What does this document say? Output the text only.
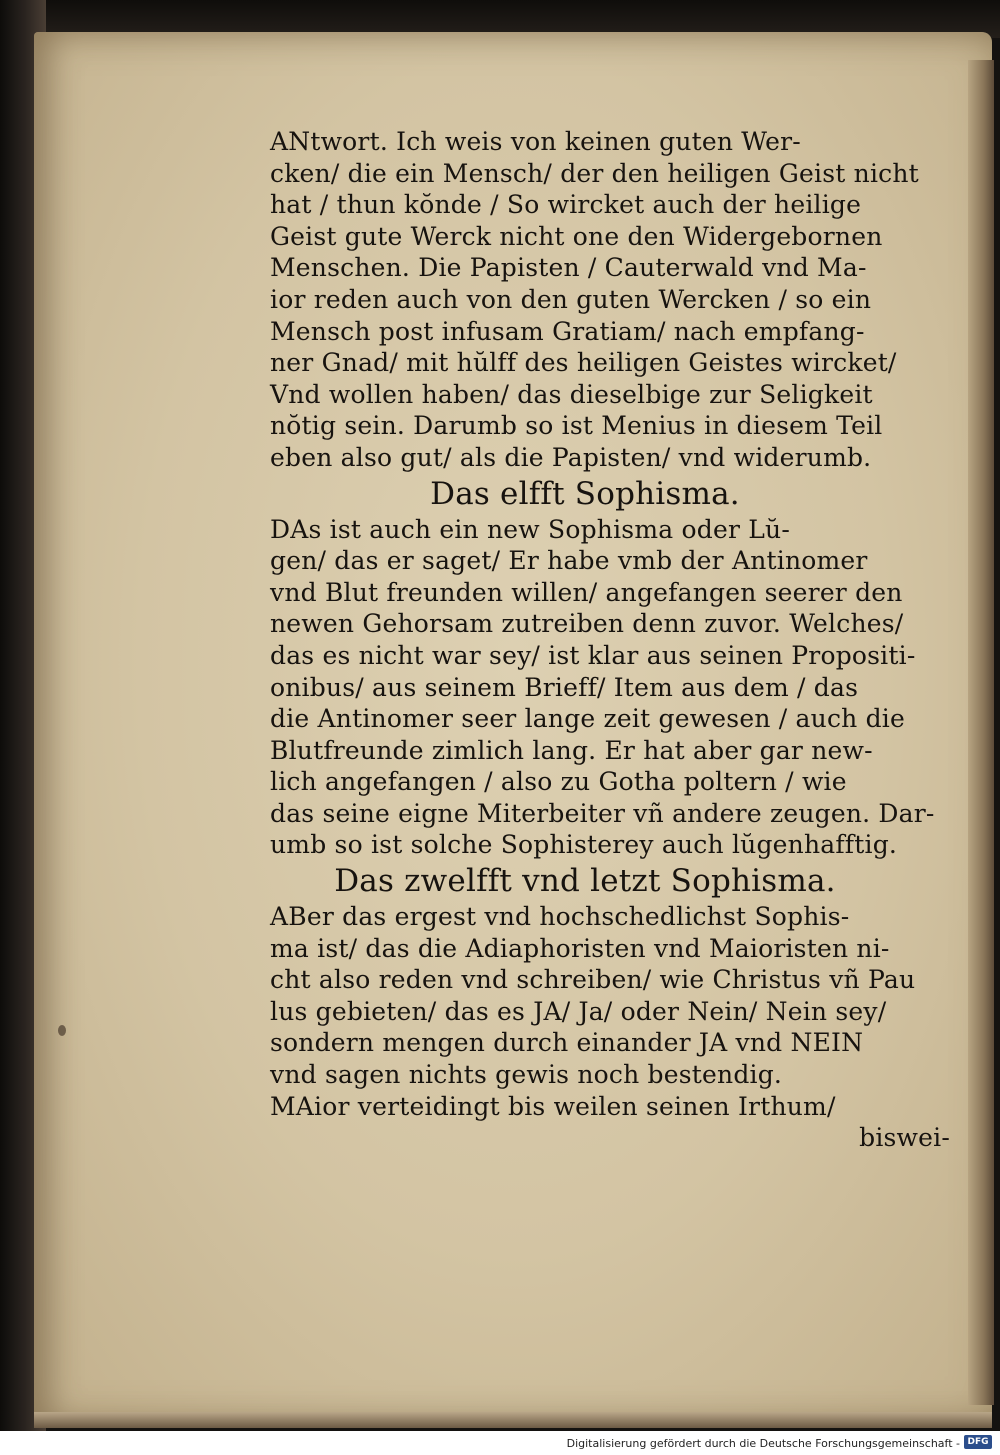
ANtwort. Ich weis von keinen guten Wer-
cken/ die ein Mensch/ der den heiligen Geist nicht
hat / thun kŏnde / So wircket auch der heilige
Geist gute Werck nicht one den Widergebornen
Menschen. Die Papisten / Cauterwald vnd Ma-
ior reden auch von den guten Wercken / so ein
Mensch post infusam Gratiam/ nach empfang-
ner Gnad/ mit hŭlff des heiligen Geistes wircket/
Vnd wollen haben/ das dieselbige zur Seligkeit
nŏtig sein. Darumb so ist Menius in diesem Teil
eben also gut/ als die Papisten/ vnd widerumb.
Das elfft Sophisma.
DAs ist auch ein new Sophisma oder Lŭ-
gen/ das er saget/ Er habe vmb der Antinomer
vnd Blut freunden willen/ angefangen seerer den
newen Gehorsam zutreiben denn zuvor. Welches/
das es nicht war sey/ ist klar aus seinen Propositi-
onibus/ aus seinem Brieff/ Item aus dem / das
die Antinomer seer lange zeit gewesen / auch die
Blutfreunde zimlich lang. Er hat aber gar new-
lich angefangen / also zu Gotha poltern / wie
das seine eigne Miterbeiter vñ andere zeugen. Dar-
umb so ist solche Sophisterey auch lŭgenhafftig.
Das zwelfft vnd letzt Sophisma.
ABer das ergest vnd hochschedlichst Sophis-
ma ist/ das die Adiaphoristen vnd Maioristen ni-
cht also reden vnd schreiben/ wie Christus vñ Pau
lus gebieten/ das es JA/ Ja/ oder Nein/ Nein sey/
sondern mengen durch einander JA vnd NEIN
vnd sagen nichts gewis noch bestendig.
MAior verteidingt bis weilen seinen Irthum/
biswei-
Digitalisierung gefördert durch die Deutsche Forschungsgemeinschaft - DFG
